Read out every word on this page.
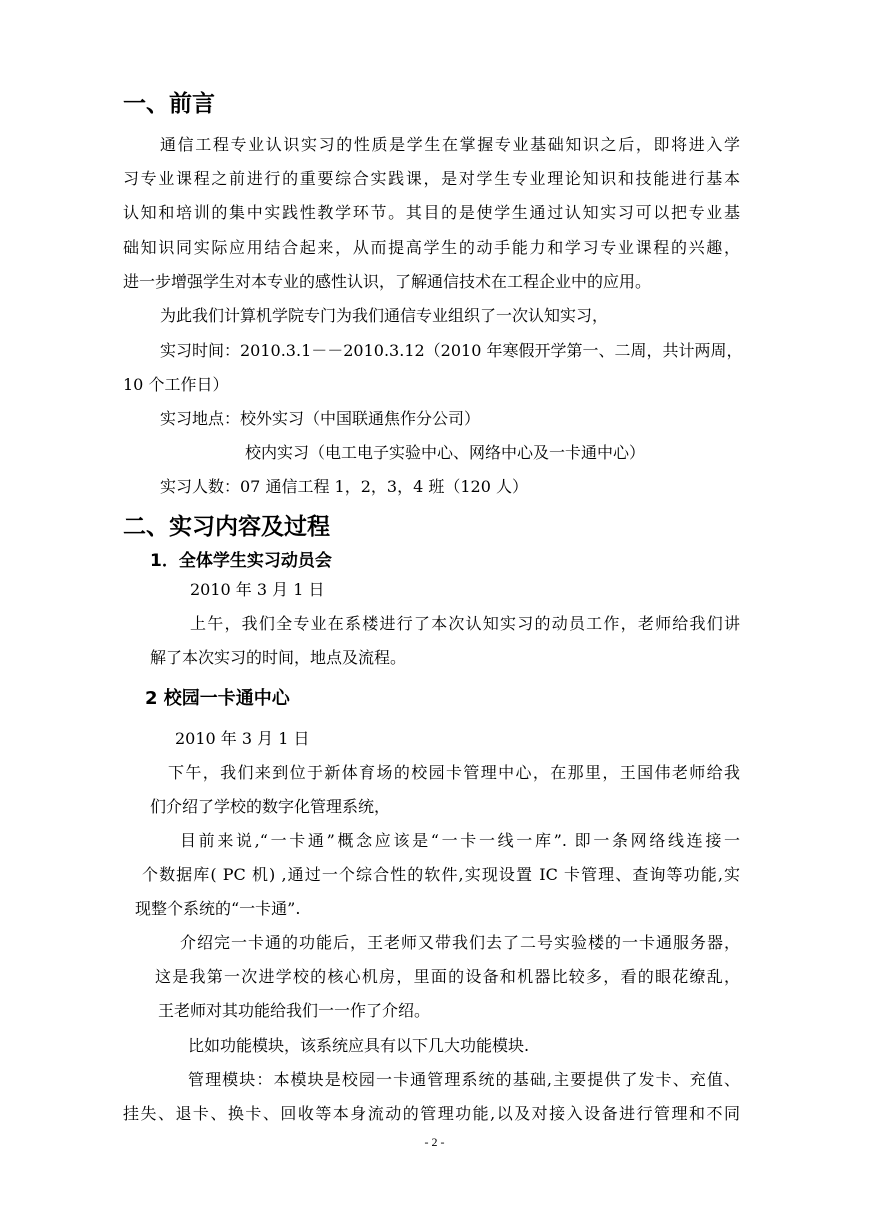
一、前言
通信工程专业认识实习的性质是学生在掌握专业基础知识之后，即将进入学
习专业课程之前进行的重要综合实践课，是对学生专业理论知识和技能进行基本
认知和培训的集中实践性教学环节。其目的是使学生通过认知实习可以把专业基
础知识同实际应用结合起来，从而提高学生的动手能力和学习专业课程的兴趣，
进一步增强学生对本专业的感性认识，了解通信技术在工程企业中的应用。
为此我们计算机学院专门为我们通信专业组织了一次认知实习，
实习时间：2010.3.1－－2010.3.12（2010 年寒假开学第一、二周，共计两周，
10 个工作日）
实习地点：校外实习（中国联通焦作分公司）
校内实习（电工电子实验中心、网络中心及一卡通中心）
实习人数：07 通信工程 1，2，3，4 班（120 人）
二、实习内容及过程
1．全体学生实习动员会
2010 年 3 月 1 日
上午，我们全专业在系楼进行了本次认知实习的动员工作，老师给我们讲
解了本次实习的时间，地点及流程。
2 校园一卡通中心
2010 年 3 月 1 日
下午，我们来到位于新体育场的校园卡管理中心，在那里，王国伟老师给我
们介绍了学校的数字化管理系统，
目前来说,“一卡通”概念应该是“一卡一线一库”. 即一条网络线连接一
个数据库( PC 机) ,通过一个综合性的软件,实现设置 IC 卡管理、查询等功能,实
现整个系统的“一卡通”.
介绍完一卡通的功能后，王老师又带我们去了二号实验楼的一卡通服务器，
这是我第一次进学校的核心机房，里面的设备和机器比较多，看的眼花缭乱，
王老师对其功能给我们一一作了介绍。
比如功能模块，该系统应具有以下几大功能模块.
管理模块：本模块是校园一卡通管理系统的基础,主要提供了发卡、充值、
挂失、退卡、换卡、回收等本身流动的管理功能,以及对接入设备进行管理和不同
- 2 -
